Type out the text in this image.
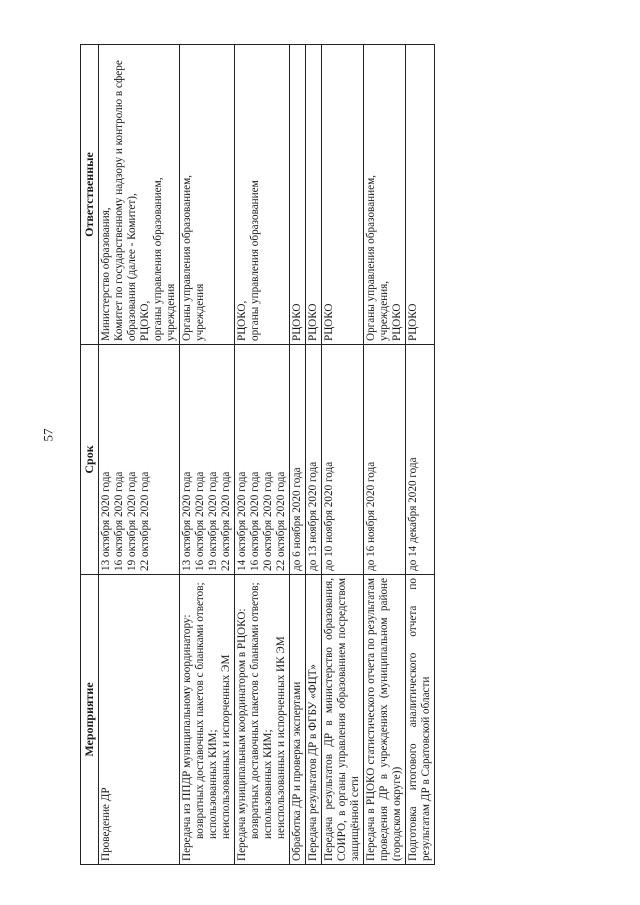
57
Мероприятие	Срок	Ответственные

Проведение ДР	13 октября 2020 года 16 октября 2020 года 19 октября 2020 года 22 октября 2020 года	Министерство образования, Комитет по государственному надзору и контролю в сфере образования (далее - Комитет), РЦОКО, органы управления образованием, учреждения

Передача из ППДР муниципальному координатору: возвратных доставочных пакетов с бланками ответов; использованных КИМ; неиспользованных и испорченных ЭМ	13 октября 2020 года 16 октября 2020 года 19 октября 2020 года 22 октября 2020 года	Органы управления образованием, учреждения

Передача муниципальным координатором в РЦОКО: возвратных доставочных пакетов с бланками ответов; использованных КИМ; неиспользованных и испорченных ИК ЭМ	14 октября 2020 года 16 октября 2020 года 20 октября 2020 года 22 октября 2020 года	РЦОКО, органы управления образованием

Обработка ДР и проверка экспертами	до 6 ноября 2020 года	РЦОКО

Передача результатов ДР в ФГБУ «ФЦТ»	до 13 ноября 2020 года	РЦОКО

Передача результатов ДР в министерство образования, СОИРО, в органы управления образованием посредством защищённой сети	до 10 ноября 2020 года	РЦОКО

Передача в РЦОКО статистического отчета по результатам проведения ДР в учреждениях (муниципальном районе (городском округе))	до 16 ноября 2020 года	Органы управления образованием, учреждения, РЦОКО

Подготовка итогового аналитического отчета по результатам ДР в Саратовской области	до 14 декабря 2020 года	РЦОКО
